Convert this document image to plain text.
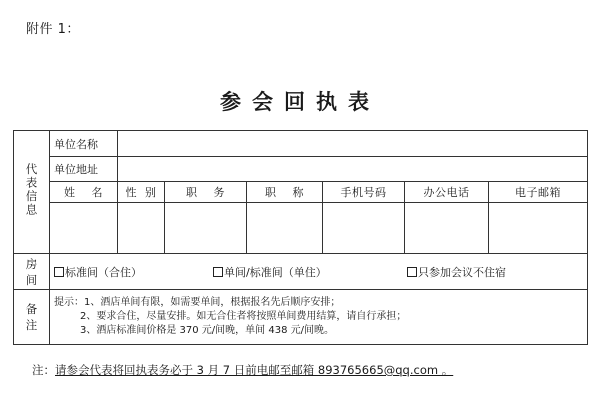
附件 1：
参会回执表
代表信息	单位名称						
	单位地址						
	姓    名	性  别	职    务	职    称	手机号码	办公电话	电子邮箱

房间	标准间（合住） 单间/标准间（单住） 只参加会议不住宿						

备注	提示：1、酒店单间有限，如需要单间，根据报名先后顺序安排；
2、要求合住，尽量安排。如无合住者将按照单间费用结算，请自行承担；
3、酒店标准间价格是 370 元/间晚，单间 438 元/间晚。						
注：请参会代表将回执表务必于 3 月 7 日前电邮至邮箱 893765665@qq.com 。
